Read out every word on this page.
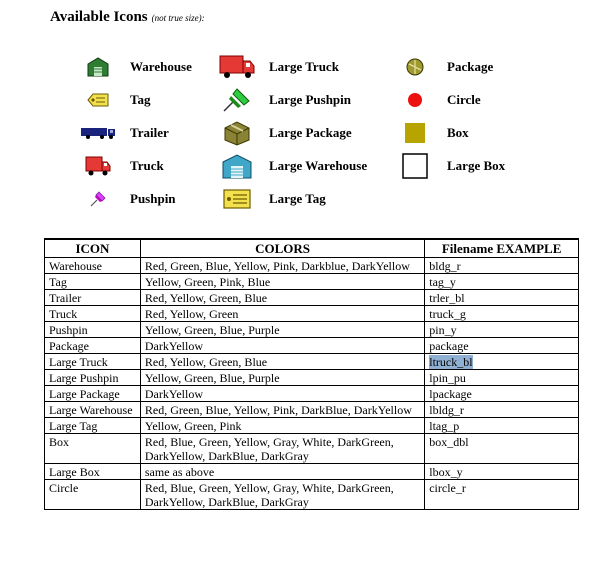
Available Icons (not true size):
Warehouse
Tag
Trailer
Truck
Pushpin
Large Truck
Large Pushpin
Large Package
Large Warehouse
Large Tag
Package
Circle
Box
Large Box
ICON	COLORS	Filename EXAMPLE
Warehouse	Red, Green, Blue, Yellow, Pink, Darkblue, DarkYellow	bldg_r
Tag	Yellow, Green, Pink, Blue	tag_y
Trailer	Red, Yellow, Green, Blue	trler_bl
Truck	Red, Yellow, Green	truck_g
Pushpin	Yellow, Green, Blue, Purple	pin_y
Package	DarkYellow	package
Large Truck	Red, Yellow, Green, Blue	ltruck_bl
Large Pushpin	Yellow, Green, Blue, Purple	lpin_pu
Large Package	DarkYellow	lpackage
Large Warehouse	Red, Green, Blue, Yellow, Pink, DarkBlue, DarkYellow	lbldg_r
Large Tag	Yellow, Green, Pink	ltag_p
Box	Red, Blue, Green, Yellow, Gray, White, DarkGreen, DarkYellow, DarkBlue, DarkGray	box_dbl
Large Box	same as above	lbox_y
Circle	Red, Blue, Green, Yellow, Gray, White, DarkGreen, DarkYellow, DarkBlue, DarkGray	circle_r
